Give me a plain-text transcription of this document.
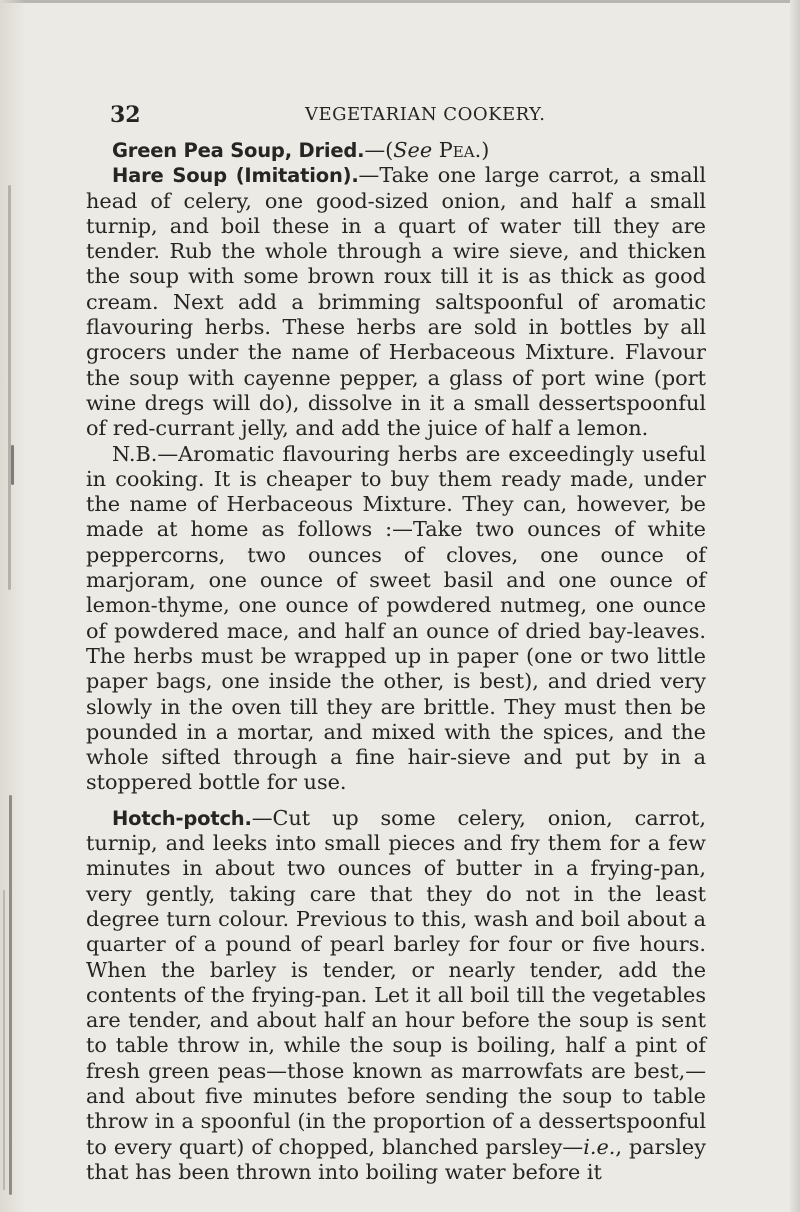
32	VEGETARIAN COOKERY.

Green Pea Soup, Dried.—(See Pea.)

Hare Soup (Imitation).—Take one large carrot, a small head of celery, one good-sized onion, and half a small turnip, and boil these in a quart of water till they are tender. Rub the whole through a wire sieve, and thicken the soup with some brown roux till it is as thick as good cream. Next add a brimming saltspoonful of aromatic flavouring herbs. These herbs are sold in bottles by all grocers under the name of Herbaceous Mixture. Flavour the soup with cayenne pepper, a glass of port wine (port wine dregs will do), dissolve in it a small dessertspoonful of red-currant jelly, and add the juice of half a lemon.

N.B.—Aromatic flavouring herbs are exceedingly useful in cooking. It is cheaper to buy them ready made, under the name of Herbaceous Mixture. They can, however, be made at home as follows :—Take two ounces of white peppercorns, two ounces of cloves, one ounce of marjoram, one ounce of sweet basil and one ounce of lemon-thyme, one ounce of powdered nutmeg, one ounce of powdered mace, and half an ounce of dried bay-leaves. The herbs must be wrapped up in paper (one or two little paper bags, one inside the other, is best), and dried very slowly in the oven till they are brittle. They must then be pounded in a mortar, and mixed with the spices, and the whole sifted through a fine hair-sieve and put by in a stoppered bottle for use.

Hotch-potch.—Cut up some celery, onion, carrot, turnip, and leeks into small pieces and fry them for a few minutes in about two ounces of butter in a frying-pan, very gently, taking care that they do not in the least degree turn colour. Previous to this, wash and boil about a quarter of a pound of pearl barley for four or five hours. When the barley is tender, or nearly tender, add the contents of the frying-pan. Let it all boil till the vegetables are tender, and about half an hour before the soup is sent to table throw in, while the soup is boiling, half a pint of fresh green peas—those known as marrowfats are best,—and about five minutes before sending the soup to table throw in a spoonful (in the proportion of a dessertspoonful to every quart) of chopped, blanched parsley—i.e., parsley that has been thrown into boiling water before it
